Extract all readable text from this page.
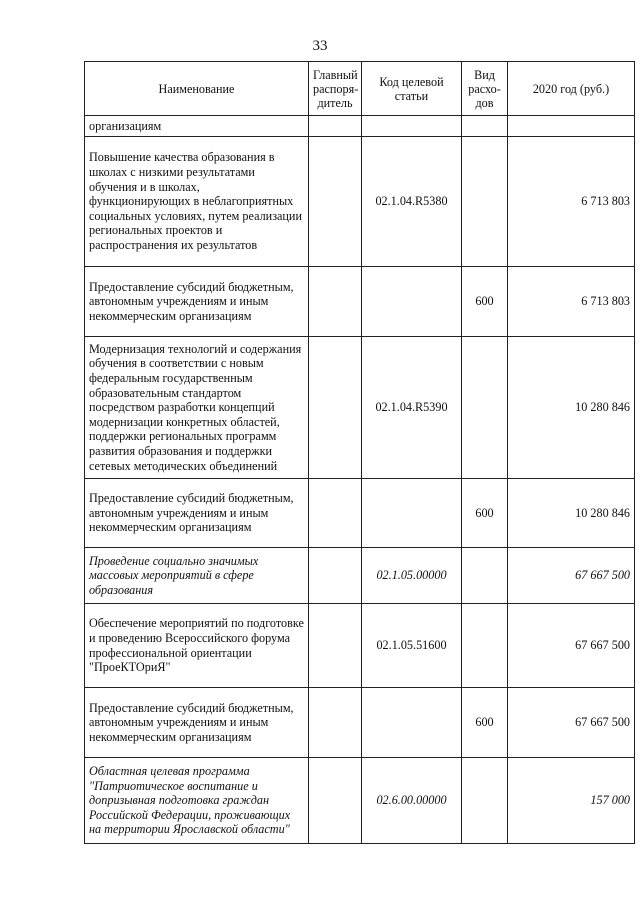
33
Наименование	Главный распоря- дитель	Код целевой статьи	Вид расхо- дов	2020 год (руб.)
организациям				
Повышение качества образования в школах с низкими результатами обучения и в школах, функционирующих в неблагоприятных социальных условиях, путем реализации региональных проектов и распространения их результатов		02.1.04.R5380		6 713 803
Предоставление субсидий бюджетным, автономным учреждениям и иным некоммерческим организациям			600	6 713 803
Модернизация технологий и содержания обучения в соответствии с новым федеральным государственным образовательным стандартом посредством разработки концепций модернизации конкретных областей, поддержки региональных программ развития образования и поддержки сетевых методических объединений		02.1.04.R5390		10 280 846
Предоставление субсидий бюджетным, автономным учреждениям и иным некоммерческим организациям			600	10 280 846
Проведение социально значимых массовых мероприятий в сфере образования		02.1.05.00000		67 667 500
Обеспечение мероприятий по подготовке и проведению Всероссийского форума профессиональной ориентации "ПроеКТОриЯ"		02.1.05.51600		67 667 500
Предоставление субсидий бюджетным, автономным учреждениям и иным некоммерческим организациям			600	67 667 500
Областная целевая программа "Патриотическое воспитание и допризывная подготовка граждан Российской Федерации, проживающих на территории Ярославской области"		02.6.00.00000		157 000
